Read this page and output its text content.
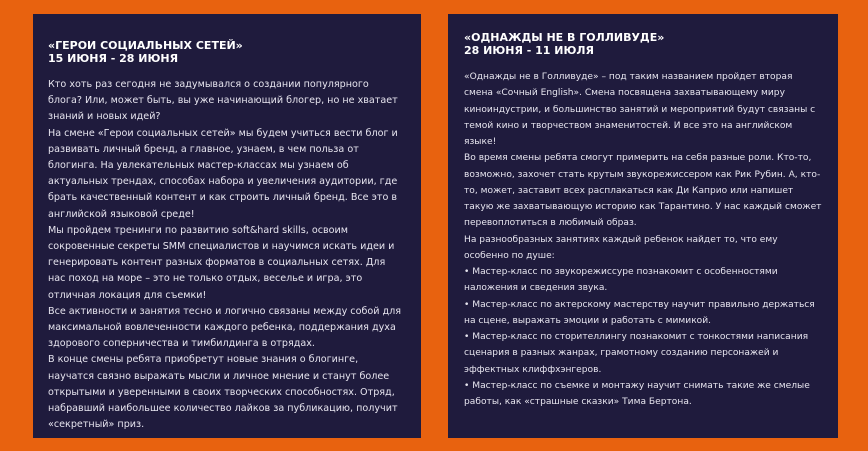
«ГЕРОИ СОЦИАЛЬНЫХ СЕТЕЙ»

15 ИЮНЯ - 28 ИЮНЯ

Кто хоть раз сегодня не задумывался о создании популярного блога? Или, может быть, вы уже начинающий блогер, но не хватает знаний и новых идей?

На смене «Герои социальных сетей» мы будем учиться вести блог и развивать личный бренд, а главное, узнаем, в чем польза от блогинга. На увлекательных мастер-классах мы узнаем об актуальных трендах, способах набора и увеличения аудитории, где брать качественный контент и как строить личный бренд. Все это в английской языковой среде!

Мы пройдем тренинги по развитию soft&hard skills, освоим сокровенные секреты SMM специалистов и научимся искать идеи и генерировать контент разных форматов в социальных сетях. Для нас поход на море – это не только отдых, веселье и игра, это отличная локация для съемки!

Все активности и занятия тесно и логично связаны между собой для максимальной вовлеченности каждого ребенка, поддержания духа здорового соперничества и тимбилдинга в отрядах.

В конце смены ребята приобретут новые знания о блогинге, научатся связно выражать мысли и личное мнение и станут более открытыми и уверенными в своих творческих способностях. Отряд, набравший наибольшее количество лайков за публикацию, получит «секретный» приз.

«ОДНАЖДЫ НЕ В ГОЛЛИВУДЕ»

28 ИЮНЯ - 11 ИЮЛЯ

«Однажды не в Голливуде» – под таким названием пройдет вторая смена «Сочный English». Смена посвящена захватывающему миру киноиндустрии, и большинство занятий и мероприятий будут связаны с темой кино и творчеством знаменитостей. И все это на английском языке!

Во время смены ребята смогут примерить на себя разные роли. Кто-то, возможно, захочет стать крутым звукорежиссером как Рик Рубин. А, кто-то, может, заставит всех расплакаться как Ди Каприо или напишет такую же захватывающую историю как Тарантино. У нас каждый сможет перевоплотиться в любимый образ.

На разнообразных занятиях каждый ребенок найдет то, что ему особенно по душе:

• Мастер-класс по звукорежиссуре познакомит с особенностями наложения и сведения звука.

• Мастер-класс по актерскому мастерству научит правильно держаться на сцене, выражать эмоции и работать с мимикой.

• Мастер-класс по сторителлингу познакомит с тонкостями написания сценария в разных жанрах, грамотному созданию персонажей и эффектных клиффхэнгеров.

• Мастер-класс по съемке и монтажу научит снимать такие же смелые работы, как «страшные сказки» Тима Бертона.
